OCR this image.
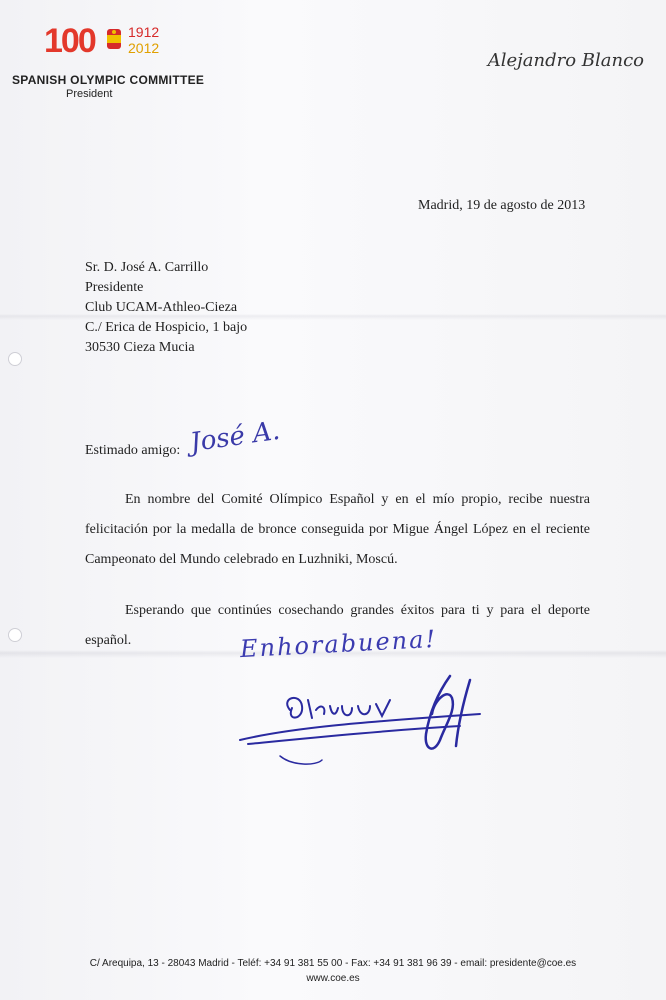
100 1912
2012
SPANISH OLYMPIC COMMITTEE
President
Alejandro Blanco
Madrid, 19 de agosto de 2013
Sr. D. José A. Carrillo
Presidente
Club UCAM-Athleo-Cieza
C./ Erica de Hospicio, 1 bajo
30530 Cieza Mucia
Estimado amigo: José A.
En nombre del Comité Olímpico Español y en el mío propio, recibe nuestra felicitación por la medalla de bronce conseguida por Migue Ángel López en el reciente Campeonato del Mundo celebrado en Luzhniki, Moscú.
Esperando que continúes cosechando grandes éxitos para ti y para el deporte español.	Enhorabuena!
C/ Arequipa, 13 - 28043 Madrid - Teléf: +34 91 381 55 00 - Fax: +34 91 381 96 39 - email: presidente@coe.es
www.coe.es
